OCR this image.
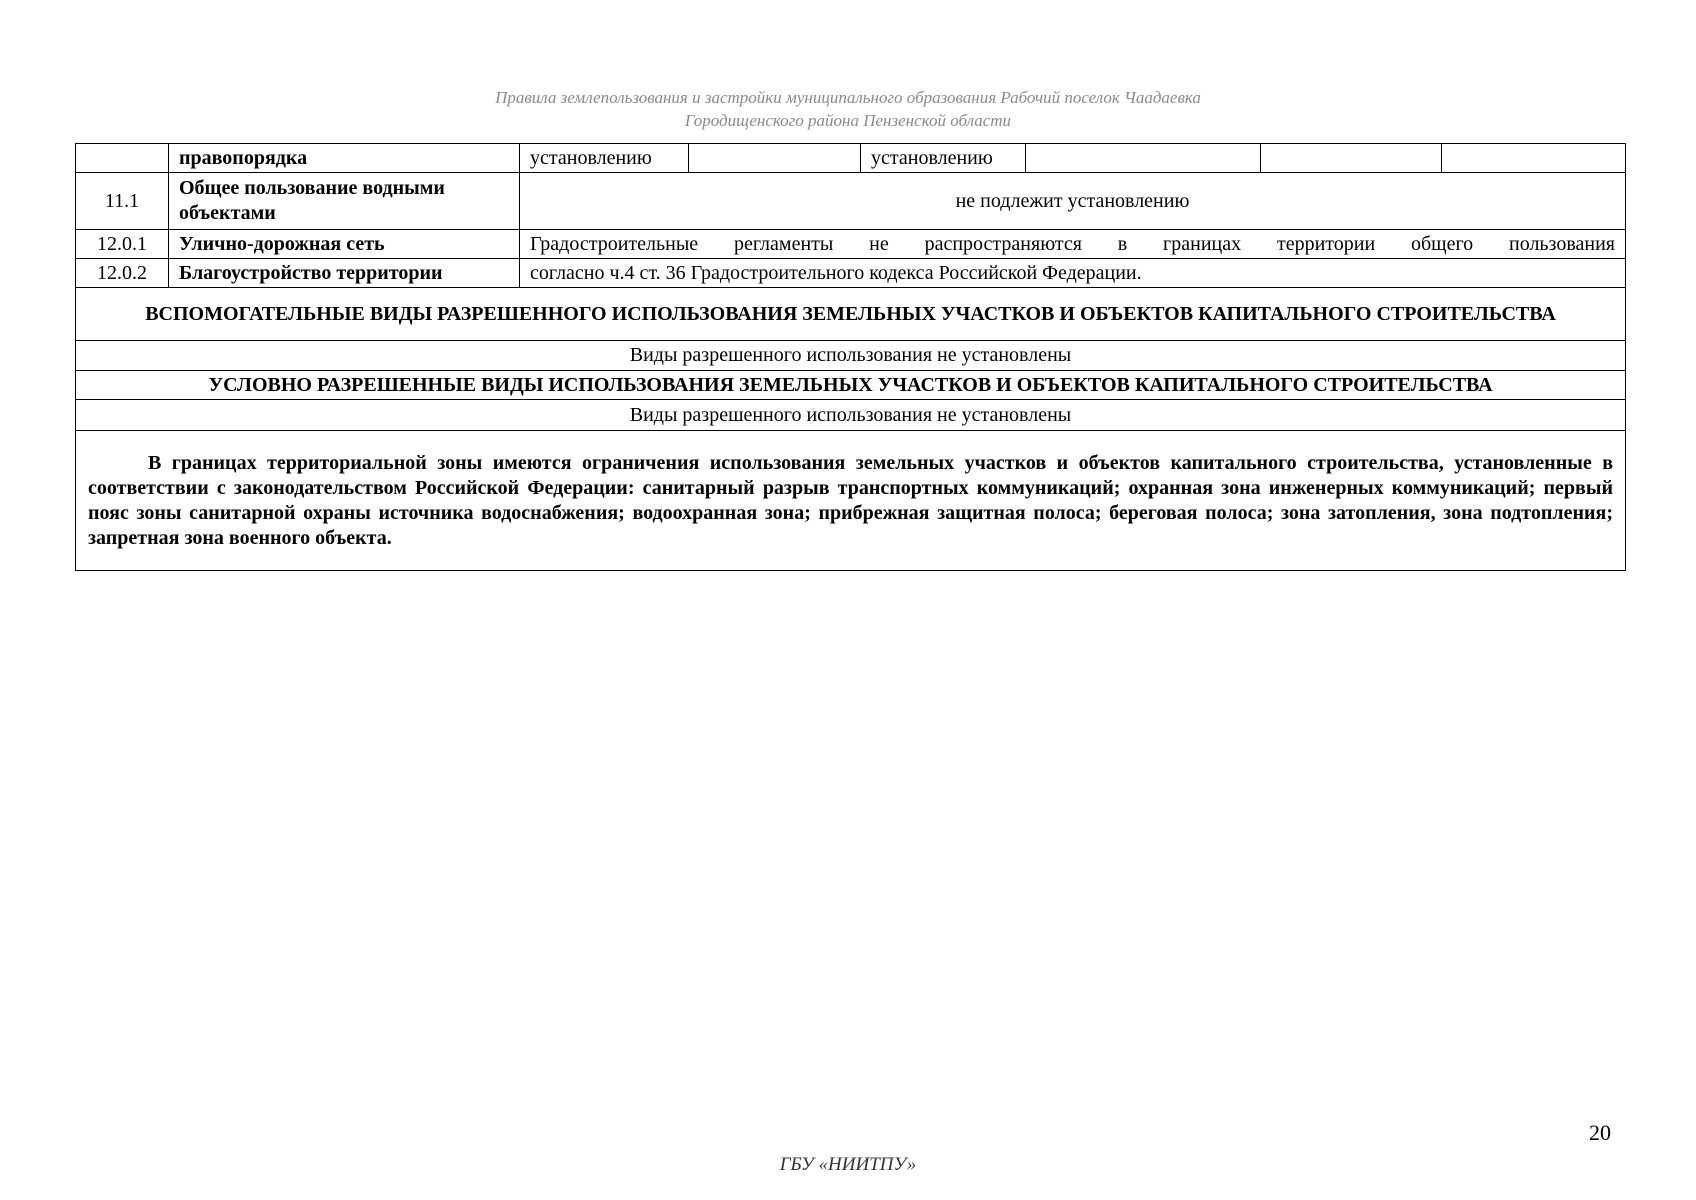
Правила землепользования и застройки муниципального образования Рабочий поселок Чаадаевка
Городищенского района Пензенской области
	правопорядка	установлению		установлению			
11.1	Общее пользование водными объектами	не подлежит установлению					
12.0.1	Улично-дорожная сеть	Градостроительные регламенты не распространяются в границах территории общего пользования					
12.0.2	Благоустройство территории	согласно ч.4 ст. 36 Градостроительного кодекса Российской Федерации.					
ВСПОМОГАТЕЛЬНЫЕ ВИДЫ РАЗРЕШЕННОГО ИСПОЛЬЗОВАНИЯ ЗЕМЕЛЬНЫХ УЧАСТКОВ И ОБЪЕКТОВ КАПИТАЛЬНОГО СТРОИТЕЛЬСТВА							
Виды разрешенного использования не установлены							
УСЛОВНО РАЗРЕШЕННЫЕ ВИДЫ ИСПОЛЬЗОВАНИЯ ЗЕМЕЛЬНЫХ УЧАСТКОВ И ОБЪЕКТОВ КАПИТАЛЬНОГО СТРОИТЕЛЬСТВА							
Виды разрешенного использования не установлены							

В границах территориальной зоны имеются ограничения использования земельных участков и объектов капитального строительства, установленные в соответствии с законодательством Российской Федерации: санитарный разрыв транспортных коммуникаций; охранная зона инженерных коммуникаций; первый пояс зоны санитарной охраны источника водоснабжения; водоохранная зона; прибрежная защитная полоса; береговая полоса; зона затопления, зона подтопления; запретная зона военного объекта.							
20
ГБУ «НИИТПУ»
